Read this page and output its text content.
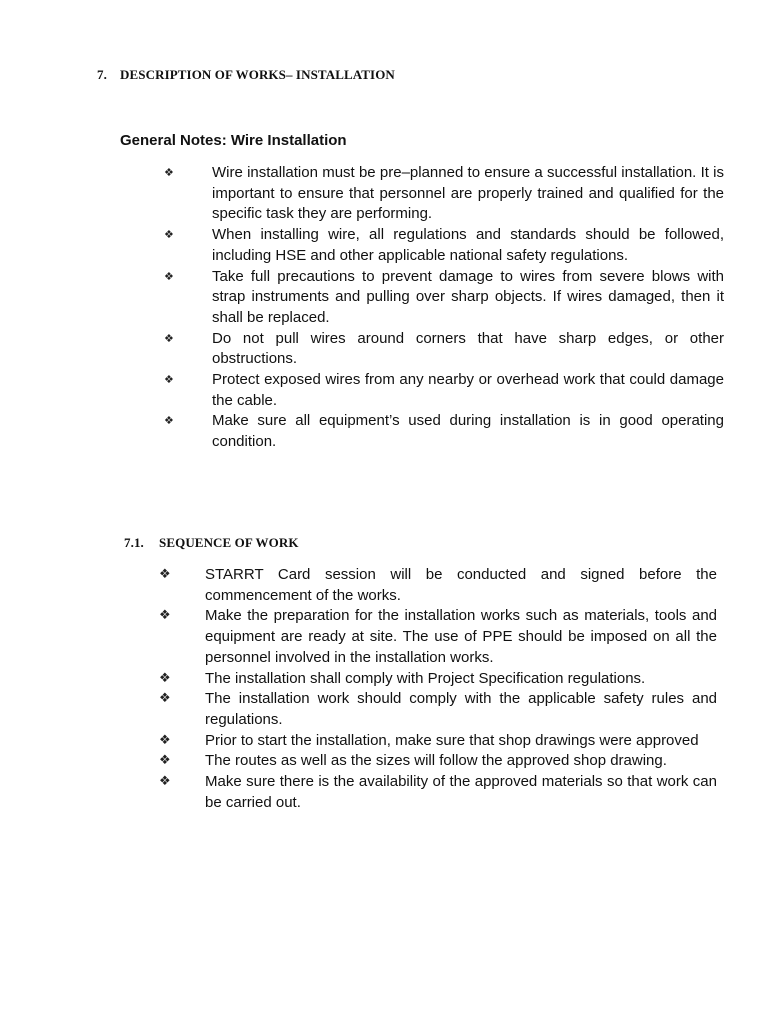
7. DESCRIPTION OF WORKS– INSTALLATION
General Notes: Wire Installation
❖	Wire installation must be pre–planned to ensure a successful installation. It is important to ensure that personnel are properly trained and qualified for the specific task they are performing.
❖	When installing wire, all regulations and standards should be followed, including HSE and other applicable national safety regulations.
❖	Take full precautions to prevent damage to wires from severe blows with strap instruments and pulling over sharp objects. If wires damaged, then it shall be replaced.
❖	Do not pull wires around corners that have sharp edges, or other obstructions.
❖	Protect exposed wires from any nearby or overhead work that could damage the cable.
❖	Make sure all equipment’s used during installation is in good operating condition.
7.1. SEQUENCE OF WORK
❖ STARRT Card session will be conducted and signed before the commencement of the works.
❖ Make the preparation for the installation works such as materials, tools and equipment are ready at site. The use of PPE should be imposed on all the personnel involved in the installation works.
❖ The installation shall comply with Project Specification regulations.
❖ The installation work should comply with the applicable safety rules and regulations.
❖ Prior to start the installation, make sure that shop drawings were approved
❖ The routes as well as the sizes will follow the approved shop drawing.
❖ Make sure there is the availability of the approved materials so that work can be carried out.
